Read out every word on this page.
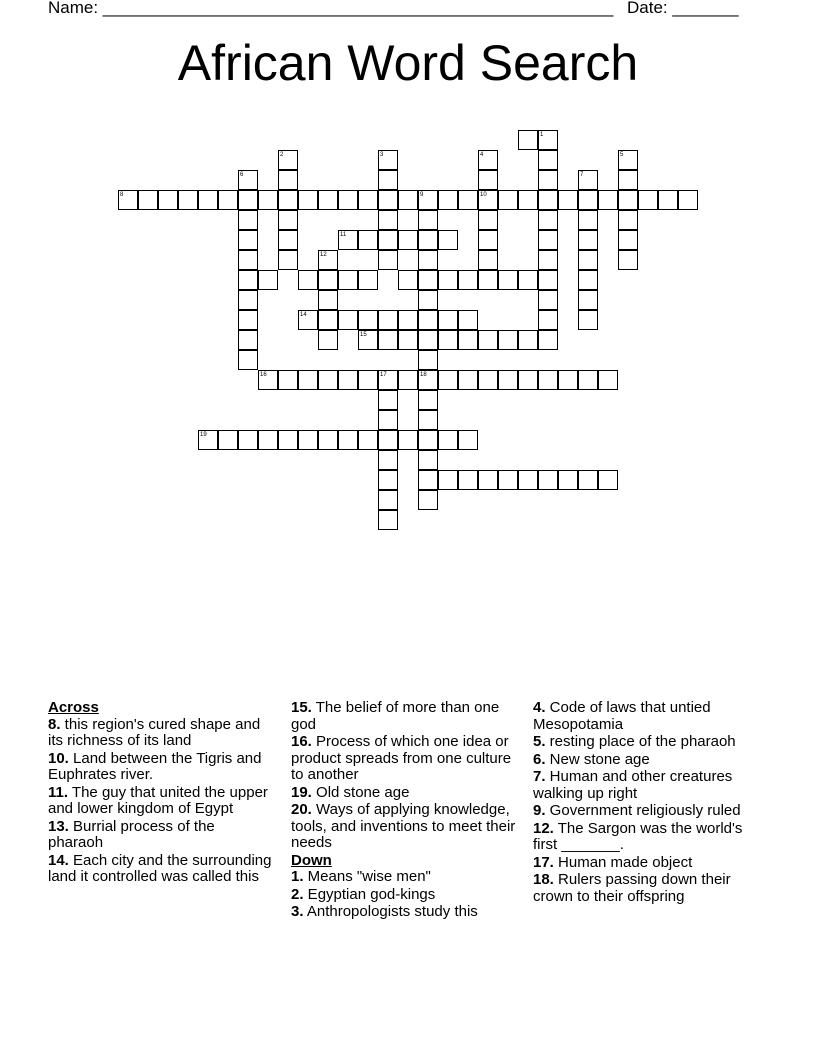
Name: ______________________________________________________ Date: _______
African Word Search
1
2	3	4
10
5
6	7
8	9
18
11
12
14
15
16	17
19
Across
8. this region's cured shape and its richness of its land
10. Land between the Tigris and Euphrates river.
11. The guy that united the upper and lower kingdom of Egypt
13. Burrial process of the pharaoh
14. Each city and the surrounding land it controlled was called this
15. The belief of more than one god
16. Process of which one idea or product spreads from one culture to another
19. Old stone age
20. Ways of applying knowledge, tools, and inventions to meet their needs
Down
1. Means "wise men"
2. Egyptian god-kings
3. Anthropologists study this
4. Code of laws that untied Mesopotamia
5. resting place of the pharaoh
6. New stone age
7. Human and other creatures walking up right
9. Government religiously ruled
12. The Sargon was the world's first _______.
17. Human made object
18. Rulers passing down their crown to their offspring
